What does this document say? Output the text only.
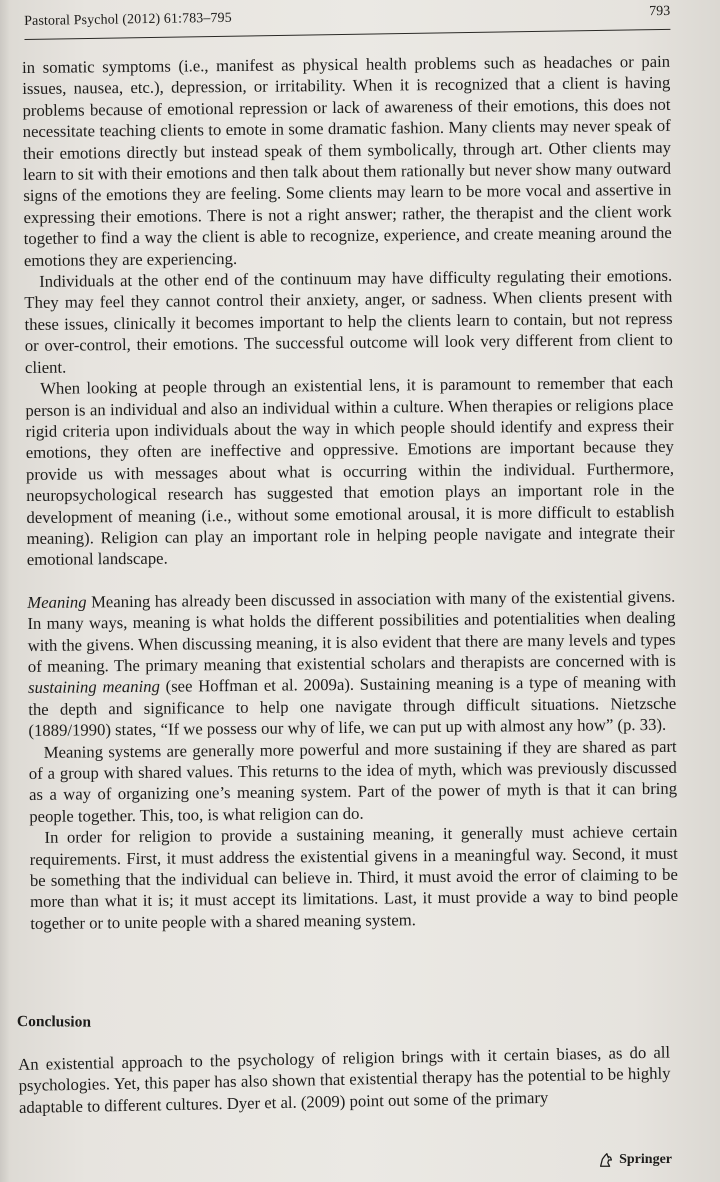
Pastoral Psychol (2012) 61:783–795	793

in somatic symptoms (i.e., manifest as physical health problems such as headaches or pain issues, nausea, etc.), depression, or irritability. When it is recognized that a client is having problems because of emotional repression or lack of awareness of their emotions, this does not necessitate teaching clients to emote in some dramatic fashion. Many clients may never speak of their emotions directly but instead speak of them symbolically, through art. Other clients may learn to sit with their emotions and then talk about them rationally but never show many outward signs of the emotions they are feeling. Some clients may learn to be more vocal and assertive in expressing their emotions. There is not a right answer; rather, the therapist and the client work together to find a way the client is able to recognize, experience, and create meaning around the emotions they are experiencing.

Individuals at the other end of the continuum may have difficulty regulating their emotions. They may feel they cannot control their anxiety, anger, or sadness. When clients present with these issues, clinically it becomes important to help the clients learn to contain, but not repress or over-control, their emotions. The successful outcome will look very different from client to client.

When looking at people through an existential lens, it is paramount to remember that each person is an individual and also an individual within a culture. When therapies or religions place rigid criteria upon individuals about the way in which people should identify and express their emotions, they often are ineffective and oppressive. Emotions are important because they provide us with messages about what is occurring within the individual. Furthermore, neuropsychological research has suggested that emotion plays an important role in the development of meaning (i.e., without some emotional arousal, it is more difficult to establish meaning). Religion can play an important role in helping people navigate and integrate their emotional landscape.

Meaning Meaning has already been discussed in association with many of the existential givens. In many ways, meaning is what holds the different possibilities and potentialities when dealing with the givens. When discussing meaning, it is also evident that there are many levels and types of meaning. The primary meaning that existential scholars and therapists are concerned with is sustaining meaning (see Hoffman et al. 2009a). Sustaining meaning is a type of meaning with the depth and significance to help one navigate through difficult situations. Nietzsche (1889/1990) states, “If we possess our why of life, we can put up with almost any how” (p. 33).

Meaning systems are generally more powerful and more sustaining if they are shared as part of a group with shared values. This returns to the idea of myth, which was previously discussed as a way of organizing one’s meaning system. Part of the power of myth is that it can bring people together. This, too, is what religion can do.

In order for religion to provide a sustaining meaning, it generally must achieve certain requirements. First, it must address the existential givens in a meaningful way. Second, it must be something that the individual can believe in. Third, it must avoid the error of claiming to be more than what it is; it must accept its limitations. Last, it must provide a way to bind people together or to unite people with a shared meaning system.

Conclusion
An existential approach to the psychology of religion brings with it certain biases, as do all psychologies. Yet, this paper has also shown that existential therapy has the potential to be highly adaptable to different cultures. Dyer et al. (2009) point out some of the primary
Springer
